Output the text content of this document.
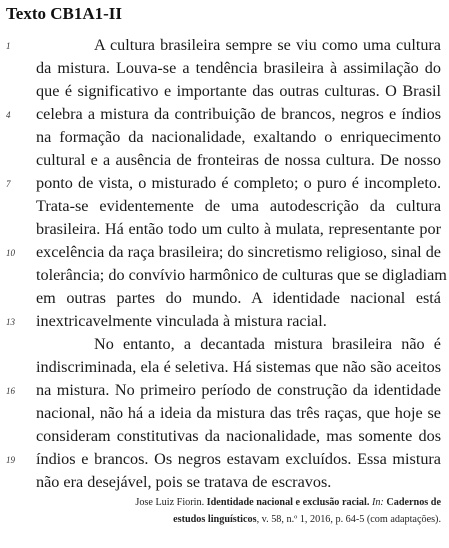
Texto CB1A1-II
1	A cultura brasileira sempre se viu como uma cultura
da mistura. Louva-se a tendência brasileira à assimilação do
que é significativo e importante das outras culturas. O Brasil
4	celebra a mistura da contribuição de brancos, negros e índios
na formação da nacionalidade, exaltando o enriquecimento
cultural e a ausência de fronteiras de nossa cultura. De nosso
7	ponto de vista, o misturado é completo; o puro é incompleto.
Trata-se evidentemente de uma autodescrição da cultura
brasileira. Há então todo um culto à mulata, representante por
10	excelência da raça brasileira; do sincretismo religioso, sinal de
tolerância; do convívio harmônico de culturas que se digladiam
em outras partes do mundo. A identidade nacional está
13	inextricavelmente vinculada à mistura racial.
No entanto, a decantada mistura brasileira não é
indiscriminada, ela é seletiva. Há sistemas que não são aceitos
16	na mistura. No primeiro período de construção da identidade
nacional, não há a ideia da mistura das três raças, que hoje se
consideram constitutivas da nacionalidade, mas somente dos
19	índios e brancos. Os negros estavam excluídos. Essa mistura
não era desejável, pois se tratava de escravos.
Jose Luiz Fiorin. Identidade nacional e exclusão racial. In: Cadernos de estudos linguísticos, v. 58, n.º 1, 2016, p. 64-5 (com adaptações).
